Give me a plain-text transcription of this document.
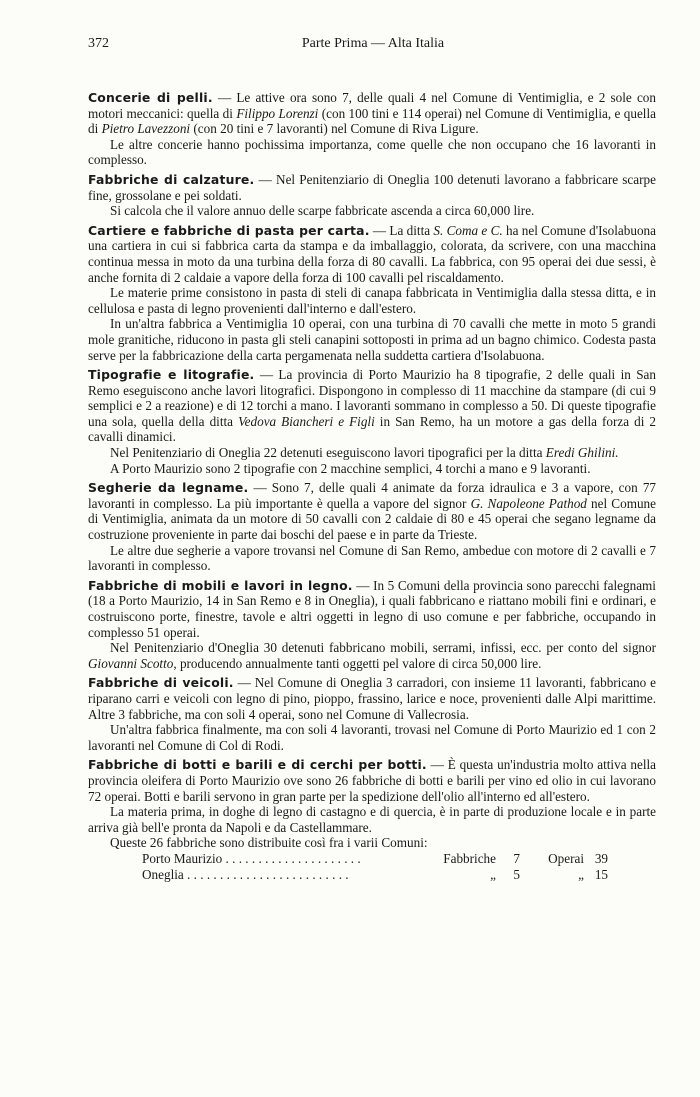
372	Parte Prima — Alta Italia

Concerie di pelli. — Le attive ora sono 7, delle quali 4 nel Comune di Ventimiglia, e 2 sole con motori meccanici: quella di Filippo Lorenzi (con 100 tini e 114 operai) nel Comune di Ventimiglia, e quella di Pietro Lavezzoni (con 20 tini e 7 lavoranti) nel Comune di Riva Ligure.

Le altre concerie hanno pochissima importanza, come quelle che non occupano che 16 lavoranti in complesso.

Fabbriche di calzature. — Nel Penitenziario di Oneglia 100 detenuti lavorano a fabbricare scarpe fine, grossolane e pei soldati.

Si calcola che il valore annuo delle scarpe fabbricate ascenda a circa 60,000 lire.

Cartiere e fabbriche di pasta per carta. — La ditta S. Coma e C. ha nel Comune d'Isolabuona una cartiera in cui si fabbrica carta da stampa e da imballaggio, colorata, da scrivere, con una macchina continua messa in moto da una turbina della forza di 80 cavalli. La fabbrica, con 95 operai dei due sessi, è anche fornita di 2 caldaie a vapore della forza di 100 cavalli pel riscaldamento.

Le materie prime consistono in pasta di steli di canapa fabbricata in Ventimiglia dalla stessa ditta, e in cellulosa e pasta di legno provenienti dall'interno e dall'estero.

In un'altra fabbrica a Ventimiglia 10 operai, con una turbina di 70 cavalli che mette in moto 5 grandi mole granitiche, riducono in pasta gli steli canapini sottoposti in prima ad un bagno chimico. Codesta pasta serve per la fabbricazione della carta pergamenata nella suddetta cartiera d'Isolabuona.

Tipografie e litografie. — La provincia di Porto Maurizio ha 8 tipografie, 2 delle quali in San Remo eseguiscono anche lavori litografici. Dispongono in complesso di 11 macchine da stampare (di cui 9 semplici e 2 a reazione) e di 12 torchi a mano. I lavoranti sommano in complesso a 50. Di queste tipografie una sola, quella della ditta Vedova Biancheri e Figli in San Remo, ha un motore a gas della forza di 2 cavalli dinamici.

Nel Penitenziario di Oneglia 22 detenuti eseguiscono lavori tipografici per la ditta Eredi Ghilini.

A Porto Maurizio sono 2 tipografie con 2 macchine semplici, 4 torchi a mano e 9 lavoranti.

Segherie da legname. — Sono 7, delle quali 4 animate da forza idraulica e 3 a vapore, con 77 lavoranti in complesso. La più importante è quella a vapore del signor G. Napoleone Pathod nel Comune di Ventimiglia, animata da un motore di 50 cavalli con 2 caldaie di 80 e 45 operai che segano legname da costruzione proveniente in parte dai boschi del paese e in parte da Trieste.

Le altre due segherie a vapore trovansi nel Comune di San Remo, ambedue con motore di 2 cavalli e 7 lavoranti in complesso.

Fabbriche di mobili e lavori in legno. — In 5 Comuni della provincia sono parecchi falegnami (18 a Porto Maurizio, 14 in San Remo e 8 in Oneglia), i quali fabbricano e riattano mobili fini e ordinari, e costruiscono porte, finestre, tavole e altri oggetti in legno di uso comune e per fabbriche, occupando in complesso 51 operai.

Nel Penitenziario d'Oneglia 30 detenuti fabbricano mobili, serrami, infissi, ecc. per conto del signor Giovanni Scotto, producendo annualmente tanti oggetti pel valore di circa 50,000 lire.

Fabbriche di veicoli. — Nel Comune di Oneglia 3 carradori, con insieme 11 lavoranti, fabbricano e riparano carri e veicoli con legno di pino, pioppo, frassino, larice e noce, provenienti dalle Alpi marittime. Altre 3 fabbriche, ma con soli 4 operai, sono nel Comune di Vallecrosia.

Un'altra fabbrica finalmente, ma con soli 4 lavoranti, trovasi nel Comune di Porto Maurizio ed 1 con 2 lavoranti nel Comune di Col di Rodi.

Fabbriche di botti e barili e di cerchi per botti. — È questa un'industria molto attiva nella provincia oleifera di Porto Maurizio ove sono 26 fabbriche di botti e barili per vino ed olio in cui lavorano 72 operai. Botti e barili servono in gran parte per la spedizione dell'olio all'interno ed all'estero.

La materia prima, in doghe di legno di castagno e di quercia, è in parte di produzione locale e in parte arriva già bell'e pronta da Napoli e da Castellammare.

Queste 26 fabbriche sono distribuite così fra i varii Comuni:

Porto Maurizio . . . . . . . . . . . . . . . . . . . . .	Fabbriche	7	Operai	39
Oneglia . . . . . . . . . . . . . . . . . . . . . . . . .	„	5	„	15
